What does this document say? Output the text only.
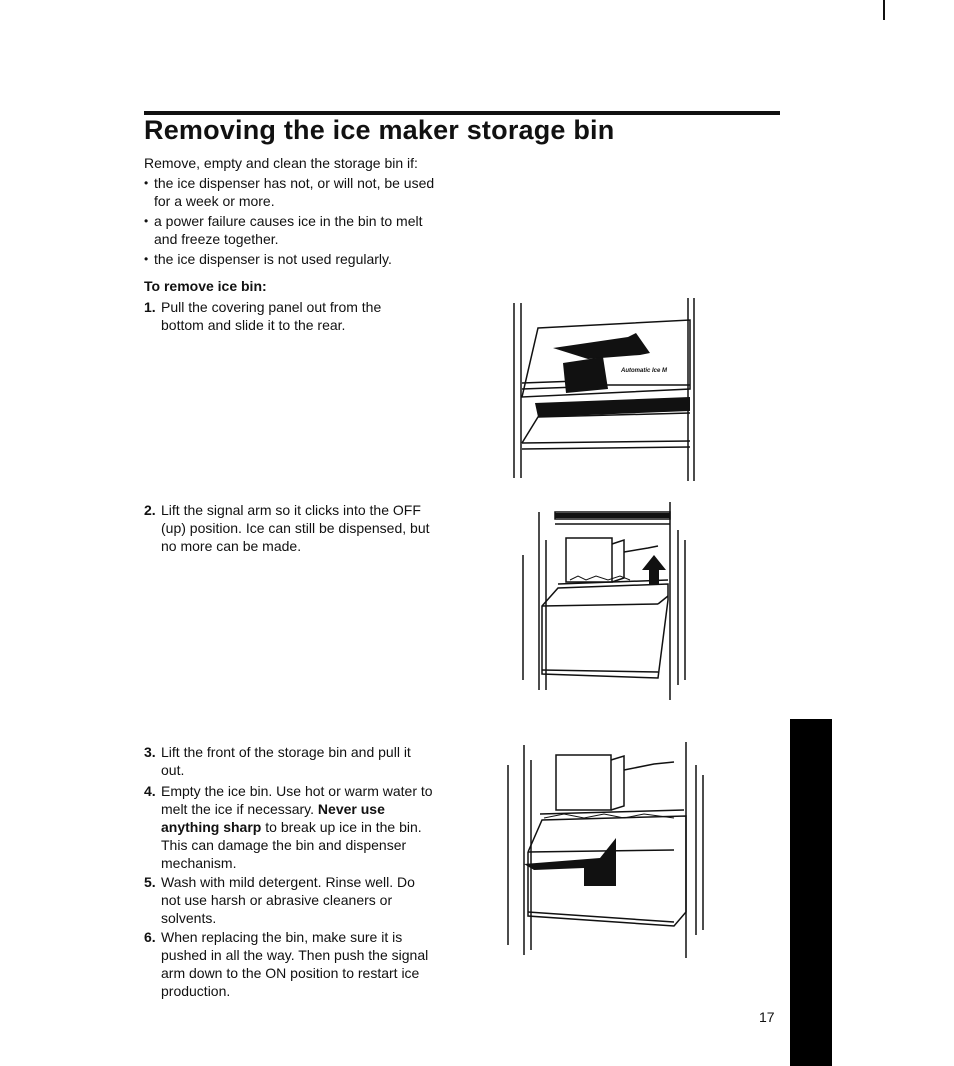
Removing the ice maker storage bin
Remove, empty and clean the storage bin if:
• the ice dispenser has not, or will not, be used for a week or more.
• a power failure causes ice in the bin to melt and freeze together.
• the ice dispenser is not used regularly.
To remove ice bin:
1. Pull the covering panel out from the bottom and slide it to the rear.
2. Lift the signal arm so it clicks into the OFF (up) position. Ice can still be dispensed, but no more can be made.
3. Lift the front of the storage bin and pull it out.
4. Empty the ice bin. Use hot or warm water to melt the ice if necessary. Never use anything sharp to break up ice in the bin. This can damage the bin and dispenser mechanism.
5. Wash with mild detergent. Rinse well. Do not use harsh or abrasive cleaners or solvents.
6. When replacing the bin, make sure it is pushed in all the way. Then push the signal arm down to the ON position to restart ice production.
Automatic Ice M
17
